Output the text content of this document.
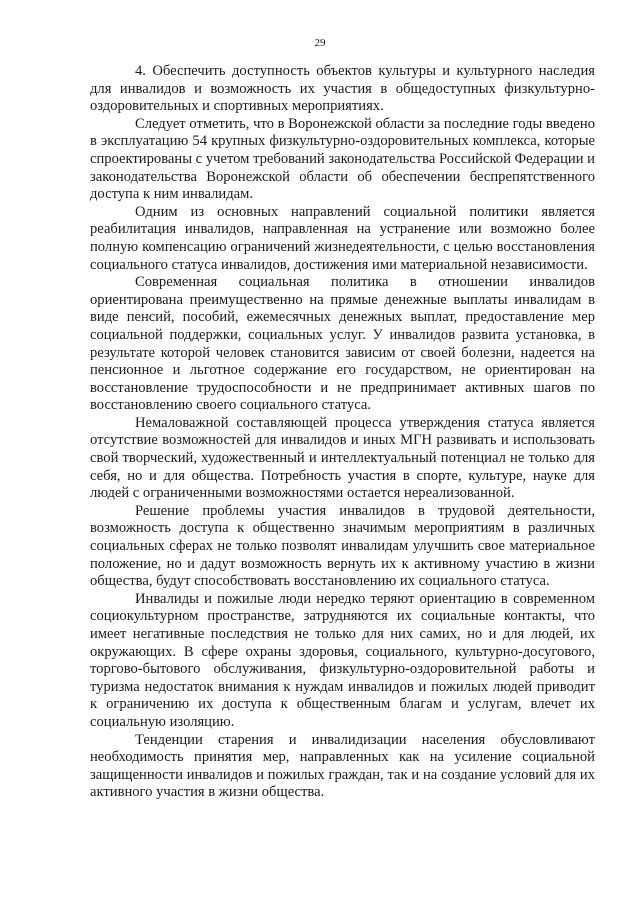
29

4. Обеспечить доступность объектов культуры и культурного наследия для инвалидов и возможность их участия в общедоступных физкультурно-оздоровительных и спортивных мероприятиях.

Следует отметить, что в Воронежской области за последние годы введено в эксплуатацию 54 крупных физкультурно-оздоровительных комплекса, которые спроектированы с учетом требований законодательства Российской Федерации и законодательства Воронежской области об обеспечении беспрепятственного доступа к ним инвалидам.

Одним из основных направлений социальной политики является реабилитация инвалидов, направленная на устранение или возможно более полную компенсацию ограничений жизнедеятельности, с целью восстановления социального статуса инвалидов, достижения ими материальной независимости.

Современная социальная политика в отношении инвалидов ориентирована преимущественно на прямые денежные выплаты инвалидам в виде пенсий, пособий, ежемесячных денежных выплат, предоставление мер социальной поддержки, социальных услуг. У инвалидов развита установка, в результате которой человек становится зависим от своей болезни, надеется на пенсионное и льготное содержание его государством, не ориентирован на восстановление трудоспособности и не предпринимает активных шагов по восстановлению своего социального статуса.

Немаловажной составляющей процесса утверждения статуса является отсутствие возможностей для инвалидов и иных МГН развивать и использовать свой творческий, художественный и интеллектуальный потенциал не только для себя, но и для общества. Потребность участия в спорте, культуре, науке для людей с ограниченными возможностями остается нереализованной.

Решение проблемы участия инвалидов в трудовой деятельности, возможность доступа к общественно значимым мероприятиям в различных социальных сферах не только позволят инвалидам улучшить свое материальное положение, но и дадут возможность вернуть их к активному участию в жизни общества, будут способствовать восстановлению их социального статуса.

Инвалиды и пожилые люди нередко теряют ориентацию в современном социокультурном пространстве, затрудняются их социальные контакты, что имеет негативные последствия не только для них самих, но и для людей, их окружающих. В сфере охраны здоровья, социального, культурно-досугового, торгово-бытового обслуживания, физкультурно-оздоровительной работы и туризма недостаток внимания к нуждам инвалидов и пожилых людей приводит к ограничению их доступа к общественным благам и услугам, влечет их социальную изоляцию.

Тенденции старения и инвалидизации населения обусловливают необходимость принятия мер, направленных как на усиление социальной защищенности инвалидов и пожилых граждан, так и на создание условий для их активного участия в жизни общества.
